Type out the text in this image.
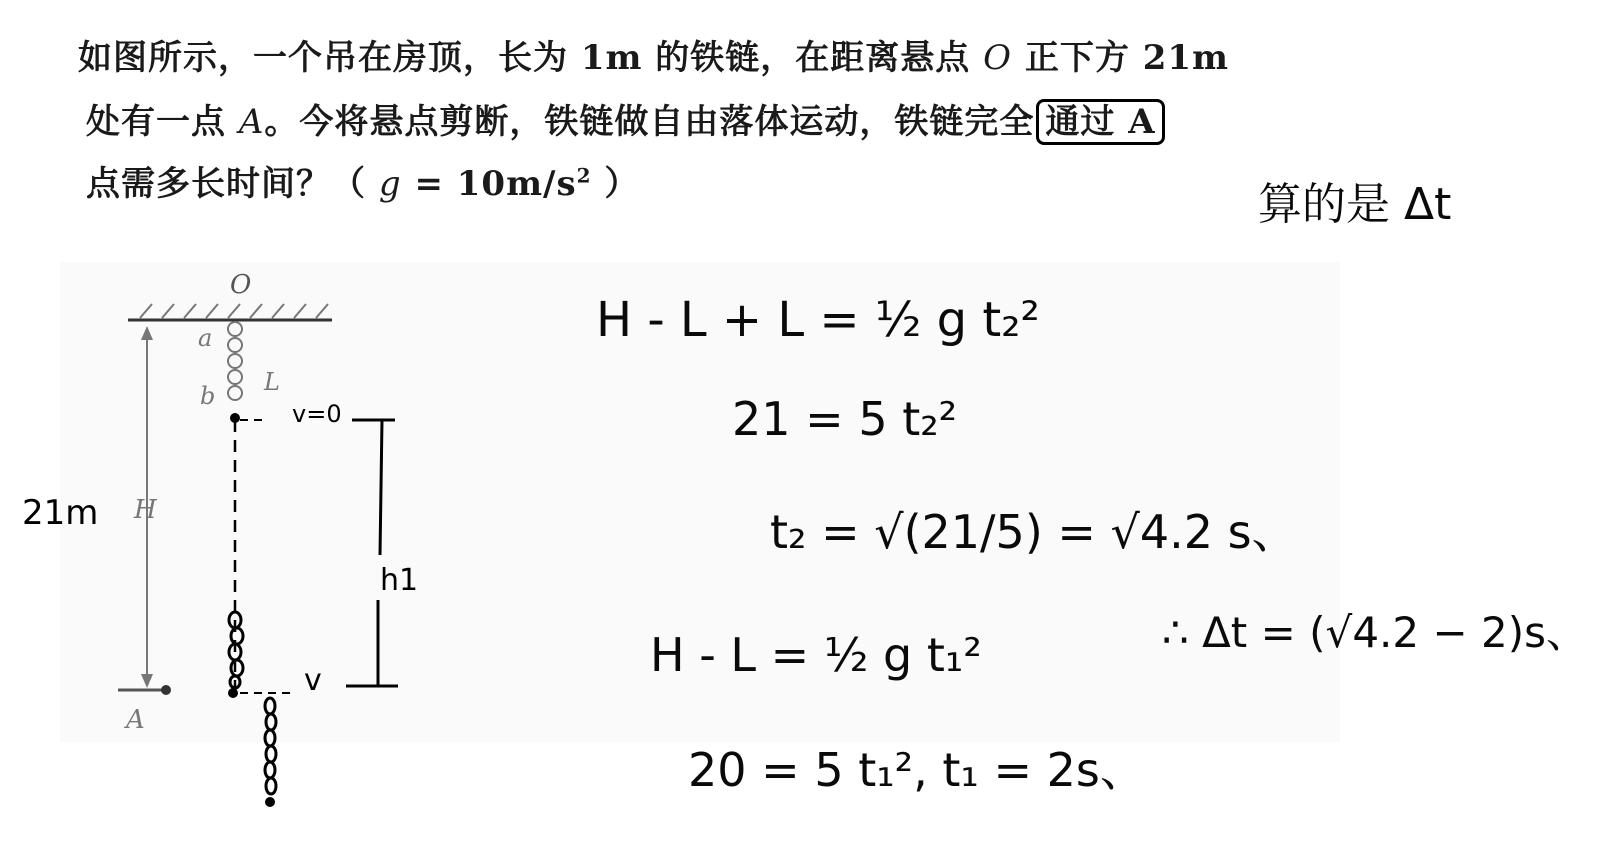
如图所示，一个吊在房顶，长为 1m 的铁链，在距离悬点 O 正下方 21m
处有一点 A。今将悬点剪断，铁链做自由落体运动，铁链完全 通过 A
点需多长时间？（ $g = 10m/s^2$ ）	算的是 Δt
O
a
b L
H
A
v=0
v
h1
21m
H - L + L = ½ g t₂²
21 = 5 t₂²
t₂ = √(21/5) = √4.2 s、
H - L = ½ g t₁²
20 = 5 t₁², t₁ = 2s、
∴ Δt = (√4.2 − 2)s、
